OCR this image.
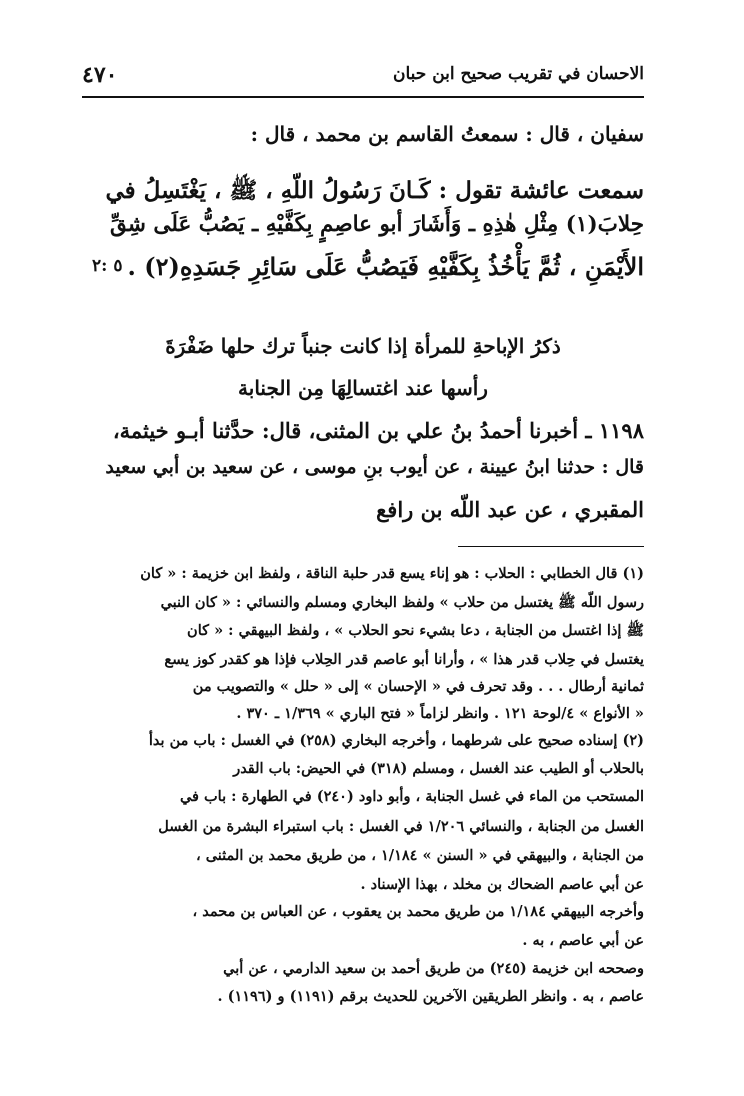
٤٧٠	الاحسان في تقريب صحيح ابن حبان
سفيان ، قال : سمعتُ القاسم بن محمد ، قال :
سمعت عائشة تقول : كَـانَ رَسُولُ اللّهِ ، ﷺ ، يَغْتَسِلُ في
حِلابَ(١) مِثْلِ هٰذِهِ ـ وَأَشَارَ أبو عاصِمٍ بِكَفَّيْهِ ـ يَصُبُّ عَلَى شِقِّ
الأَيْمَنِ ، ثُمَّ يَأْخُذُ بِكَفَّيْهِ فَيَصُبُّ عَلَى سَائِرِ جَسَدِهِ(٢) .
٥ :٢
ذكرُ الإباحةِ للمرأة إذا كانت جنباً ترك حلها ضَفْرَةَ
رأسها عند اغتسالِهَا مِن الجنابة
١١٩٨ ـ أخبرنا أحمدُ بنُ علي بن المثنى، قال: حدَّثنا أبـو خيثمة،
قال : حدثنا ابنُ عيينة ، عن أيوب بنِ موسى ، عن سعيد بن أبي سعيد
المقبري ، عن عبد اللّه بن رافع
(١) قال الخطابي : الحلاب : هو إناء يسع قدر حلبة الناقة ، ولفظ ابن خزيمة : « كان
رسول اللّه ﷺ يغتسل من حلاب » ولفظ البخاري ومسلم والنسائي : « كان النبي
ﷺ إذا اغتسل من الجنابة ، دعا بشيء نحو الحلاب » ، ولفظ البيهقي : « كان
يغتسل في حِلاب قدر هذا » ، وأرانا أبو عاصم قدر الحِلاب فإذا هو كقدر كوز يسع
ثمانية أرطال . . . وقد تحرف في « الإحسان » إلى « حلل » والتصويب من
« الأنواع » ٤/لوحة ١٢١ . وانظر لزاماً « فتح الباري » ١/٣٦٩ ـ ٣٧٠ .
(٢) إسناده صحيح على شرطهما ، وأخرجه البخاري (٢٥٨) في الغسل : باب من بدأ
بالحلاب أو الطيب عند الغسل ، ومسلم (٣١٨) في الحيض: باب القدر
المستحب من الماء في غسل الجنابة ، وأبو داود (٢٤٠) في الطهارة : باب في
الغسل من الجنابة ، والنسائي ١/٢٠٦ في الغسل : باب استبراء البشرة من الغسل
من الجنابة ، والبيهقي في « السنن » ١/١٨٤ ، من طريق محمد بن المثنى ،
عن أبي عاصم الضحاك بن مخلد ، بهذا الإسناد .
وأخرجه البيهقي ١/١٨٤ من طريق محمد بن يعقوب ، عن العباس بن محمد ،
عن أبي عاصم ، به .
وصححه ابن خزيمة (٢٤٥) من طريق أحمد بن سعيد الدارمي ، عن أبي
عاصم ، به . وانظر الطريقين الآخرين للحديث برقم (١١٩١) و (١١٩٦) .
